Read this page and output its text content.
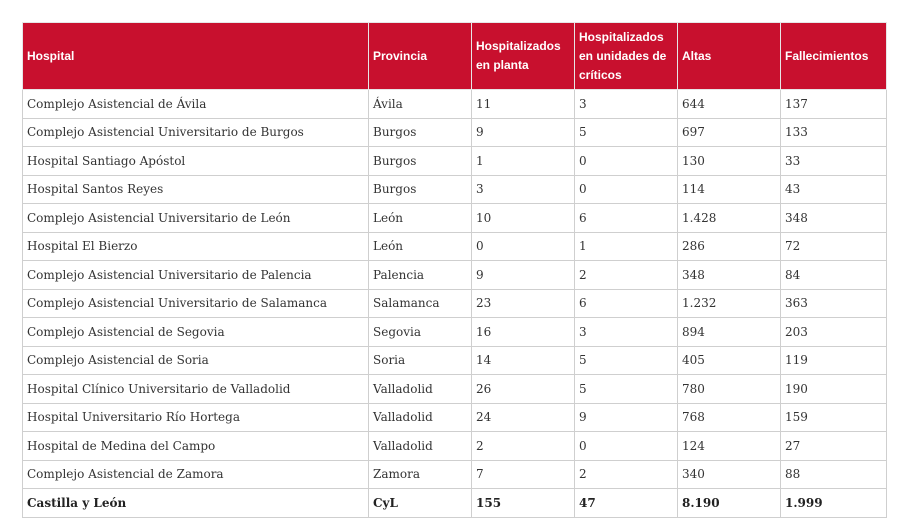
Hospital	Provincia	Hospitalizados en planta	Hospitalizados en unidades de críticos	Altas	Fallecimientos
Complejo Asistencial de Ávila	Ávila	11	3	644	137
Complejo Asistencial Universitario de Burgos	Burgos	9	5	697	133
Hospital Santiago Apóstol	Burgos	1	0	130	33
Hospital Santos Reyes	Burgos	3	0	114	43
Complejo Asistencial Universitario de León	León	10	6	1.428	348
Hospital El Bierzo	León	0	1	286	72
Complejo Asistencial Universitario de Palencia	Palencia	9	2	348	84
Complejo Asistencial Universitario de Salamanca	Salamanca	23	6	1.232	363
Complejo Asistencial de Segovia	Segovia	16	3	894	203
Complejo Asistencial de Soria	Soria	14	5	405	119
Hospital Clínico Universitario de Valladolid	Valladolid	26	5	780	190
Hospital Universitario Río Hortega	Valladolid	24	9	768	159
Hospital de Medina del Campo	Valladolid	2	0	124	27
Complejo Asistencial de Zamora	Zamora	7	2	340	88
Castilla y León	CyL	155	47	8.190	1.999
